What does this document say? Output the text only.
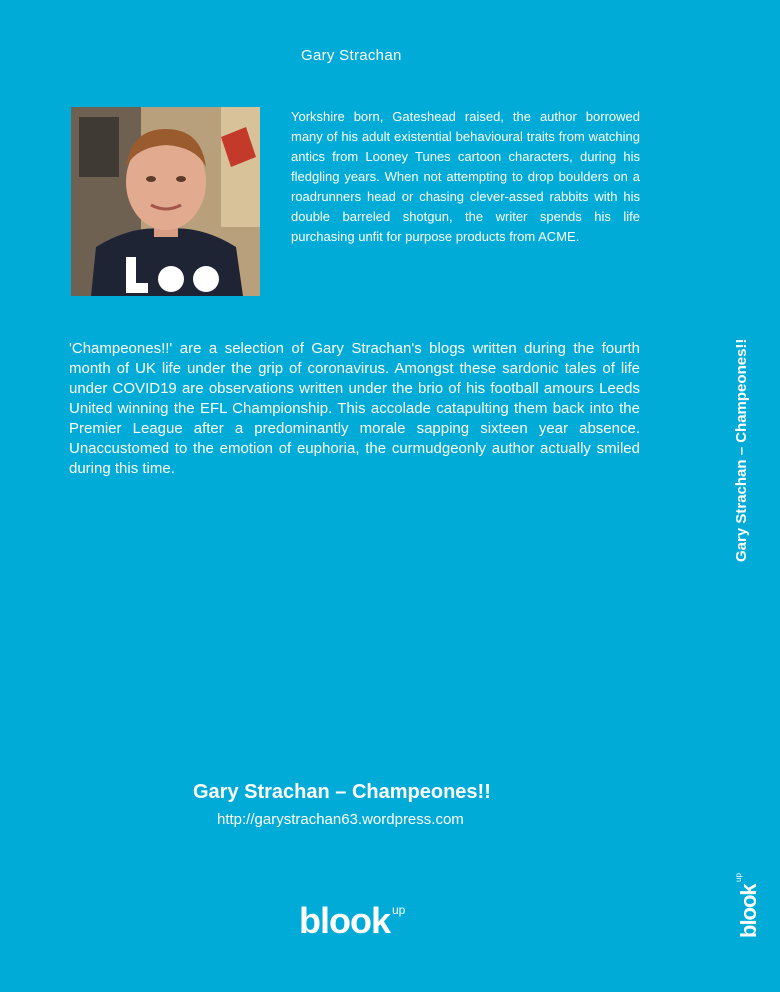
Gary Strachan

Yorkshire born, Gateshead raised, the author borrowed many of his adult existential behavioural traits from watching antics from Looney Tunes cartoon characters, during his fledgling years. When not attempting to drop boulders on a roadrunners head or chasing clever-assed rabbits with his double barreled shotgun, the writer spends his life purchasing unfit for purpose products from ACME.

'Champeones!!' are a selection of Gary Strachan's blogs written during the fourth month of UK life under the grip of coronavirus. Amongst these sardonic tales of life under COVID19 are observations written under the brio of his football amours Leeds United winning the EFL Championship. This accolade catapulting them back into the Premier League after a predominantly morale sapping sixteen year absence. Unaccustomed to the emotion of euphoria, the curmudgeonly author actually smiled during this time.

Gary Strachan – Champeones!!
http://garystrachan63.wordpress.com
blook up
Gary Strachan – Champeones!!
blook
up
